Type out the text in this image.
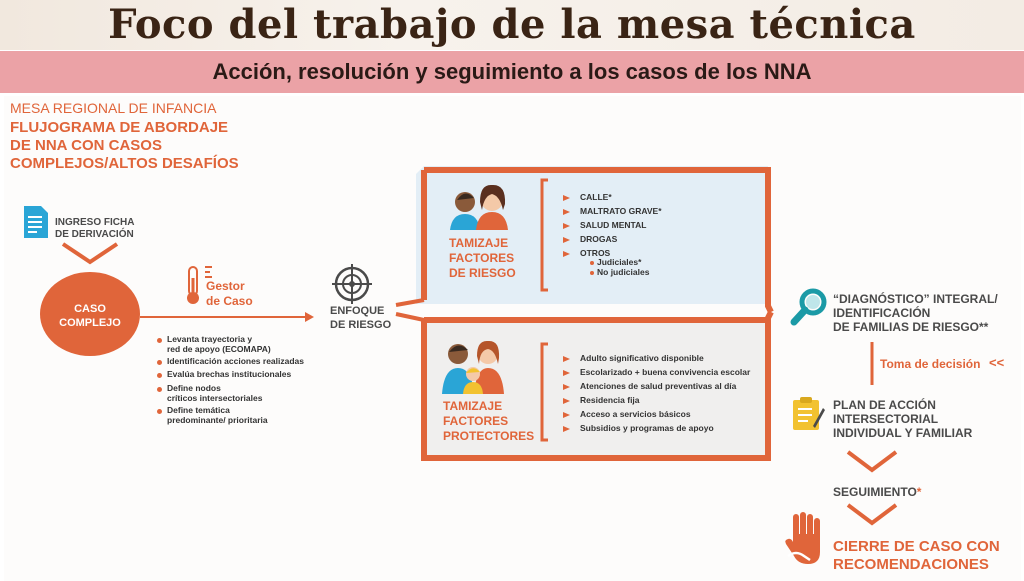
Foco del trabajo de la mesa técnica
Acción, resolución y seguimiento a los casos de los NNA
MESA REGIONAL DE INFANCIA
FLUJOGRAMA DE ABORDAJE
DE NNA CON CASOS
COMPLEJOS/ALTOS DESAFÍOS
INGRESO FICHA
DE DERIVACIÓN
CASO
COMPLEJO
Gestor
de Caso
Levanta trayectoria y
red de apoyo (ECOMAPA)
Identificación acciones realizadas
Evalúa brechas institucionales
Define nodos
críticos intersectoriales
Define temática
predominante/ prioritaria
ENFOQUE
DE RIESGO
TAMIZAJE
FACTORES
DE RIESGO
CALLE*
MALTRATO GRAVE*
SALUD MENTAL
DROGAS
OTROS
Judiciales*
No judiciales
TAMIZAJE
FACTORES
PROTECTORES
Adulto significativo disponible
Escolarizado + buena convivencia escolar
Atenciones de salud preventivas al día
Residencia fija
Acceso a servicios básicos
Subsidios y programas de apoyo
“DIAGNÓSTICO” INTEGRAL/
IDENTIFICACIÓN
DE FAMILIAS DE RIESGO**
Toma de decisión <<
PLAN DE ACCIÓN
INTERSECTORIAL
INDIVIDUAL Y FAMILIAR
SEGUIMIENTO*
CIERRE DE CASO CON
RECOMENDACIONES
